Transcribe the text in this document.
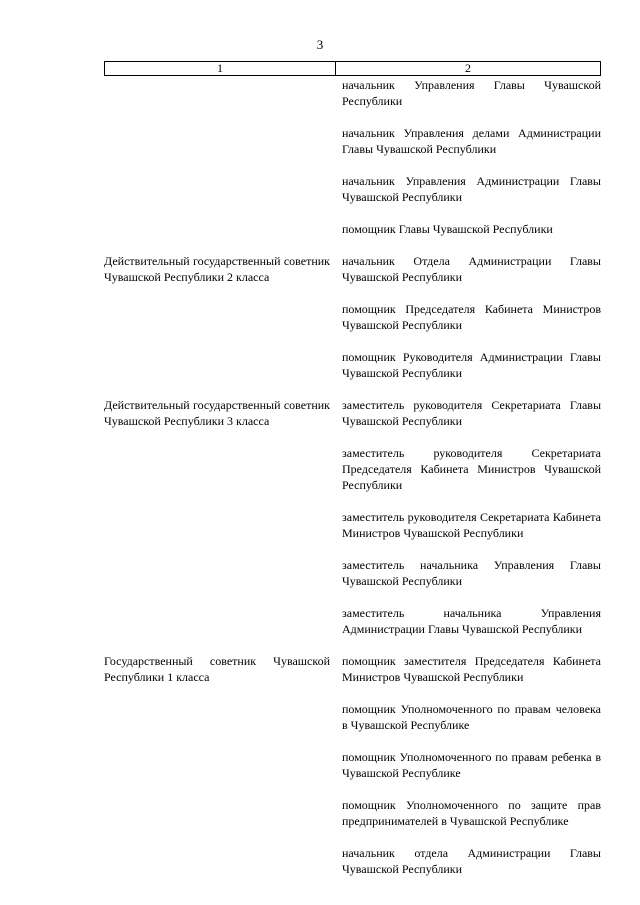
3
1	2
начальник Управления Главы Чувашской Республики
начальник Управления делами Администрации Главы Чувашской Республики
начальник Управления Администрации Главы Чувашской Республики
помощник Главы Чувашской Республики
Действительный государственный советник Чувашской Республики 2 класса
начальник Отдела Администрации Главы Чувашской Республики
помощник Председателя Кабинета Министров Чувашской Республики
помощник Руководителя Администрации Главы Чувашской Республики
Действительный государственный советник Чувашской Республики 3 класса
заместитель руководителя Секретариата Главы Чувашской Республики
заместитель руководителя Секретариата Председателя Кабинета Министров Чувашской Республики
заместитель руководителя Секретариата Кабинета Министров Чувашской Республики
заместитель начальника Управления Главы Чувашской Республики
заместитель начальника Управления Администрации Главы Чувашской Республики
Государственный советник Чувашской Республики 1 класса
помощник заместителя Председателя Кабинета Министров Чувашской Республики
помощник Уполномоченного по правам человека в Чувашской Республике
помощник Уполномоченного по правам ребенка в Чувашской Республике
помощник Уполномоченного по защите прав предпринимателей в Чувашской Республике
начальник отдела Администрации Главы Чувашской Республики
